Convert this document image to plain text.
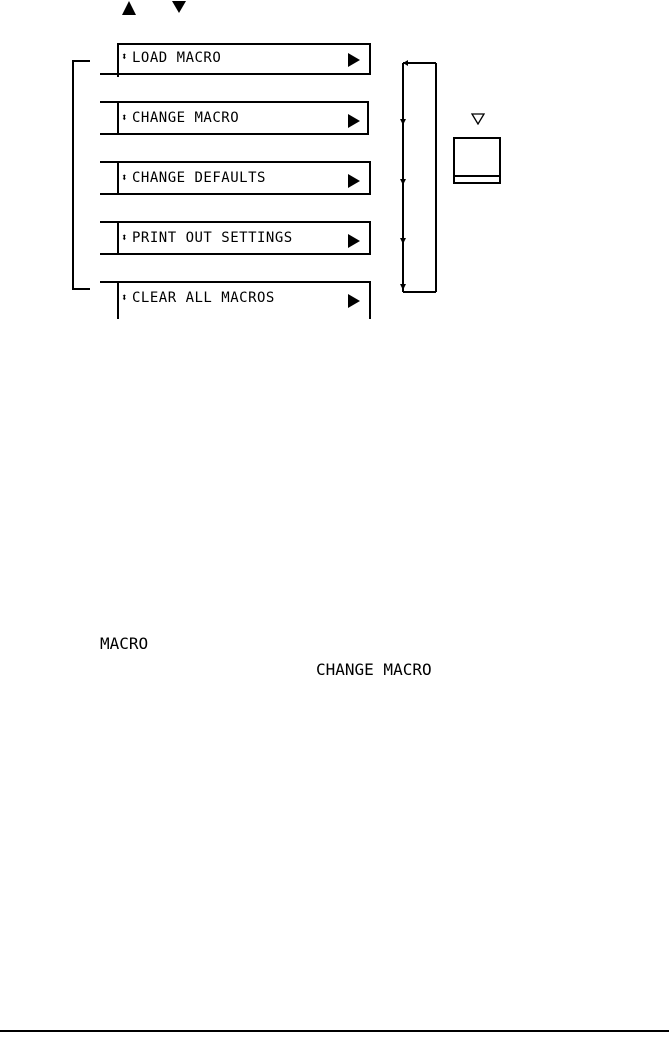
⬍ LOAD MACRO
⬍ CHANGE MACRO
⬍ CHANGE DEFAULTS
⬍ PRINT OUT SETTINGS
⬍ CLEAR ALL MACROS
MACRO
CHANGE MACRO
